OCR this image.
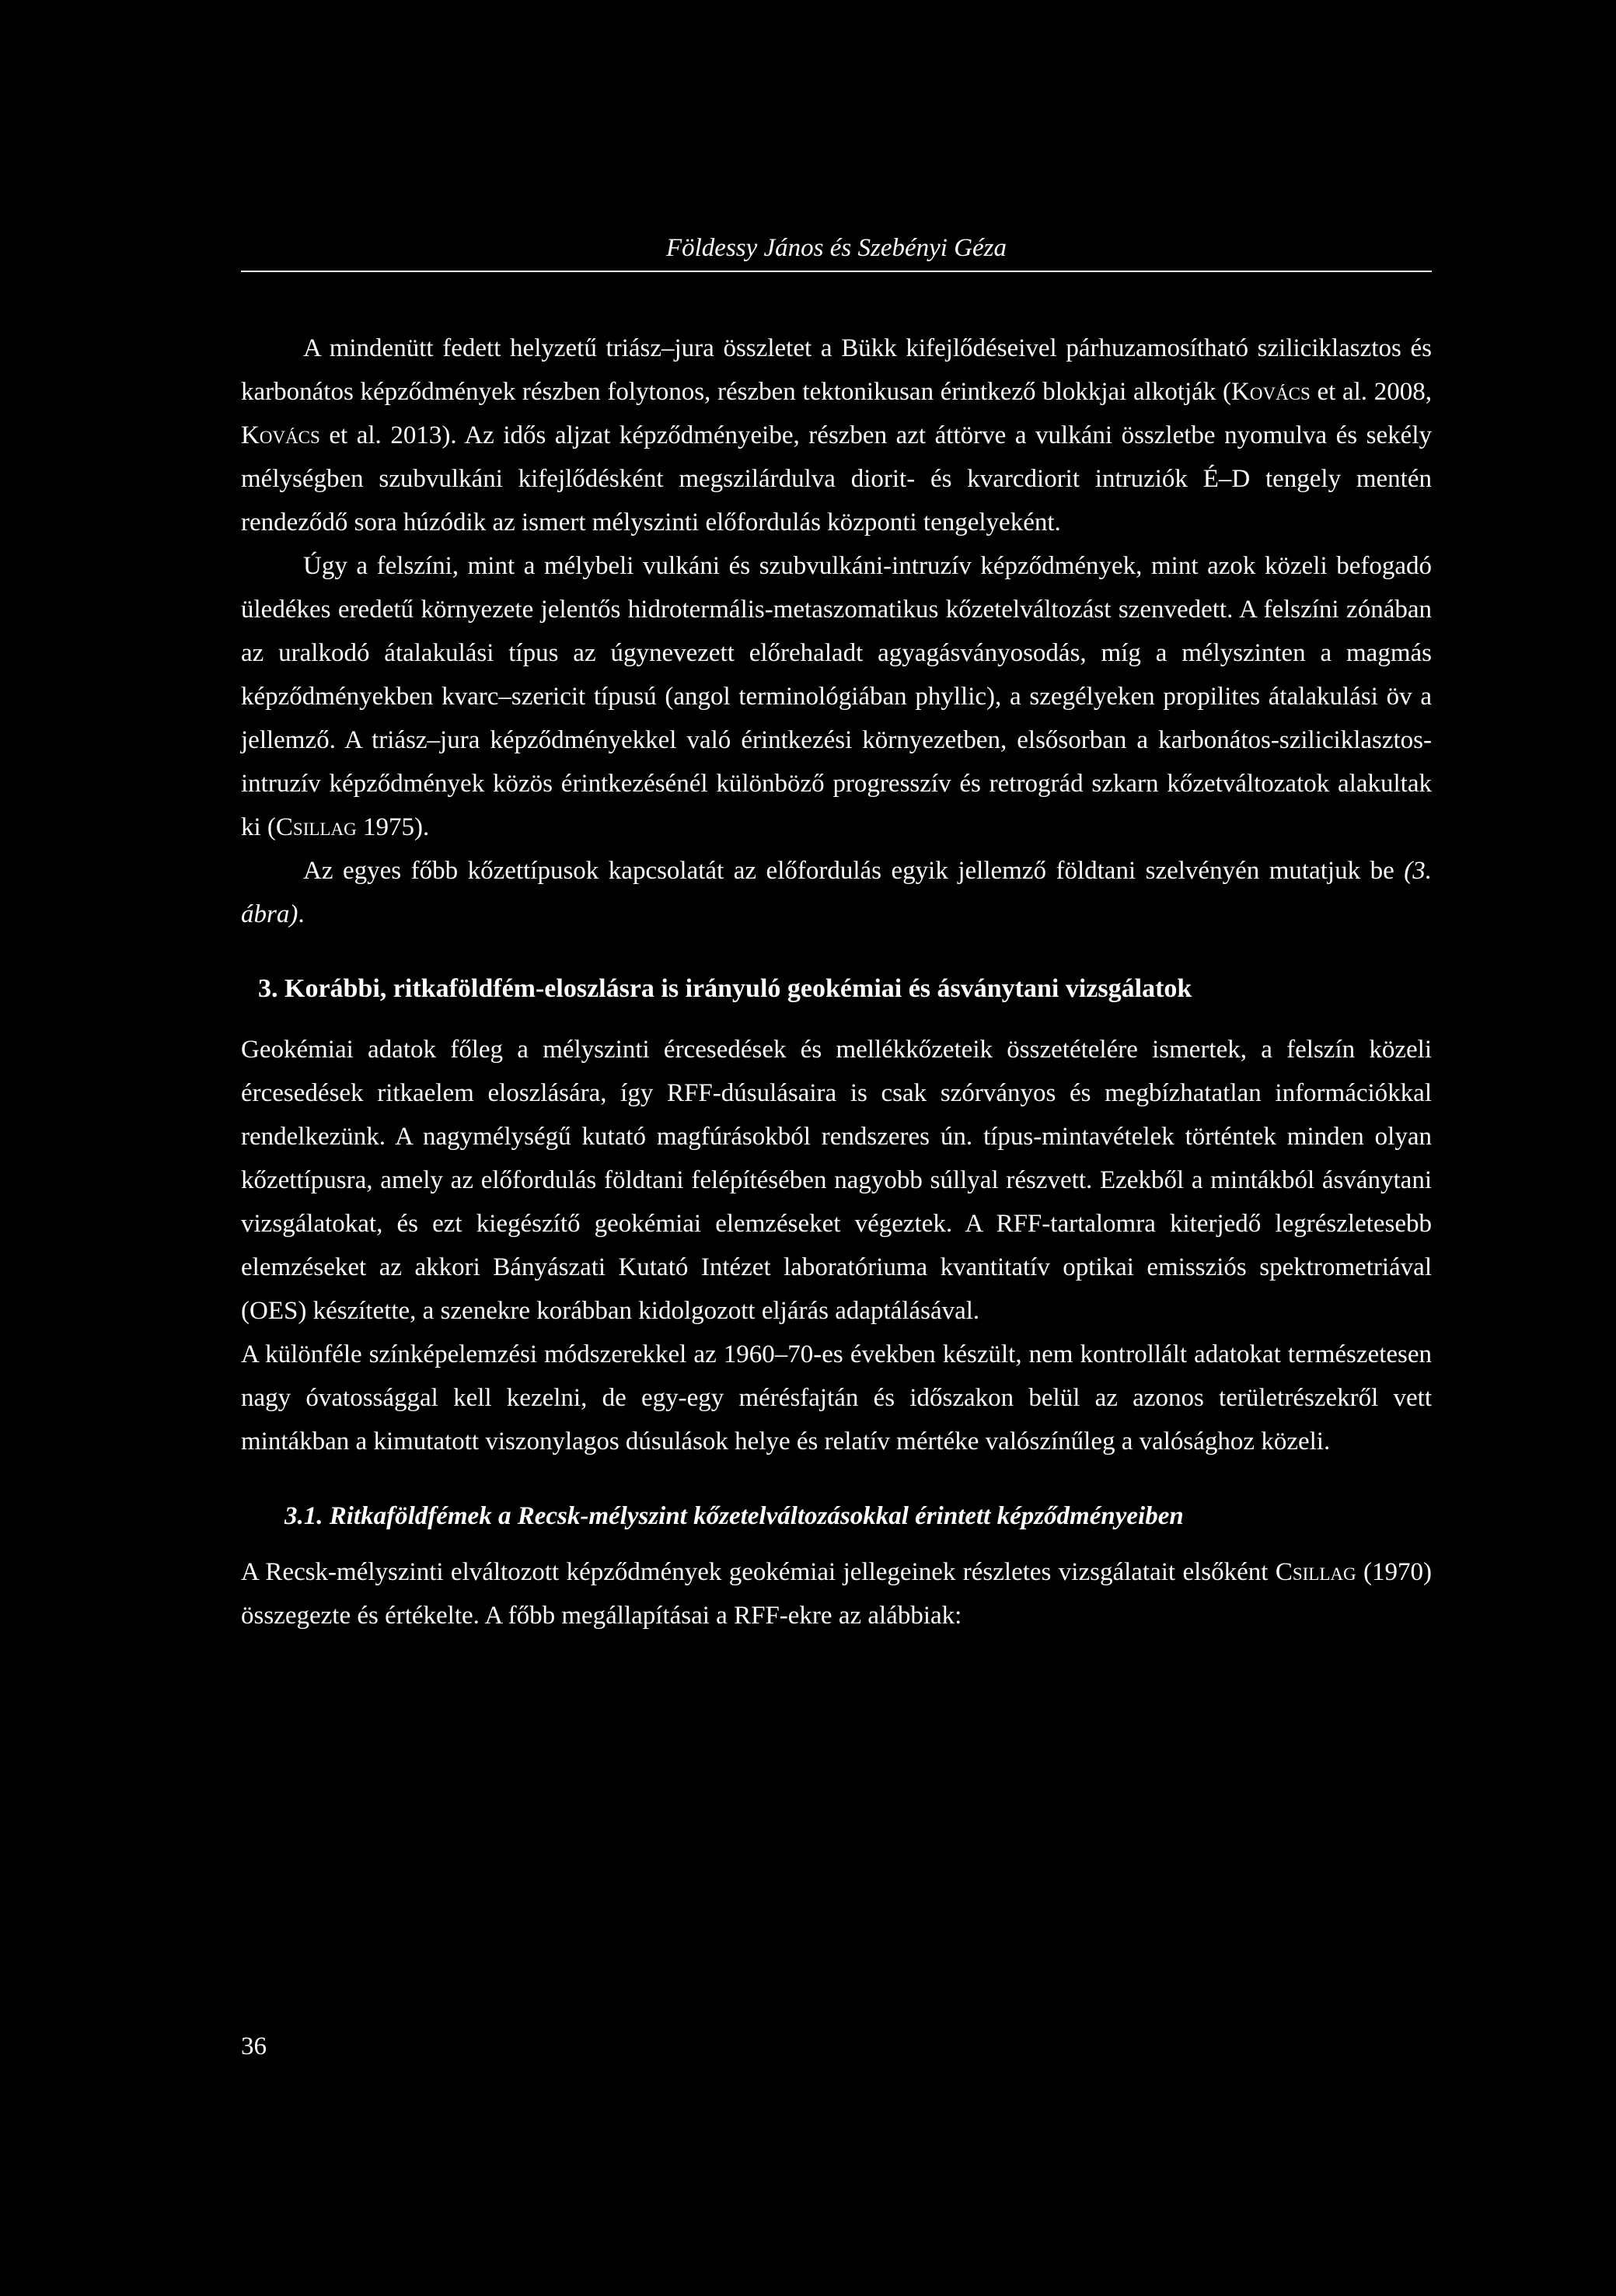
Földessy János és Szebényi Géza

A mindenütt fedett helyzetű triász–jura összletet a Bükk kifejlődéseivel párhuzamosítható sziliciklasztos és karbonátos képződmények részben folytonos, részben tektonikusan érintkező blokkjai alkotják (Kovács et al. 2008, Kovács et al. 2013). Az idős aljzat képződményeibe, részben azt áttörve a vulkáni összletbe nyomulva és sekély mélységben szubvulkáni kifejlődésként megszilárdulva diorit- és kvarcdiorit intruziók É–D tengely mentén rendeződő sora húzódik az ismert mélyszinti előfordulás központi tengelyeként.

Úgy a felszíni, mint a mélybeli vulkáni és szubvulkáni-intruzív képződmények, mint azok közeli befogadó üledékes eredetű környezete jelentős hidrotermális-metaszomatikus kőzetelváltozást szenvedett. A felszíni zónában az uralkodó átalakulási típus az úgynevezett előrehaladt agyagásványosodás, míg a mélyszinten a magmás képződményekben kvarc–szericit típusú (angol terminológiában phyllic), a szegélyeken propilites átalakulási öv a jellemző. A triász–jura képződményekkel való érintkezési környezetben, elsősorban a karbonátos-sziliciklasztos-intruzív képződmények közös érintkezésénél különböző progresszív és retrográd szkarn kőzetváltozatok alakultak ki (Csillag 1975).

Az egyes főbb kőzettípusok kapcsolatát az előfordulás egyik jellemző földtani szelvényén mutatjuk be (3. ábra).

3. Korábbi, ritkaföldfém-eloszlásra is irányuló geokémiai és ásványtani vizsgálatok

Geokémiai adatok főleg a mélyszinti ércesedések és mellékkőzeteik összetételére ismertek, a felszín közeli ércesedések ritkaelem eloszlására, így RFF-dúsulásaira is csak szórványos és megbízhatatlan információkkal rendelkezünk. A nagymélységű kutató magfúrásokból rendszeres ún. típus-mintavételek történtek minden olyan kőzettípusra, amely az előfordulás földtani felépítésében nagyobb súllyal részvett. Ezekből a mintákból ásványtani vizsgálatokat, és ezt kiegészítő geokémiai elemzéseket végeztek. A RFF-tartalomra kiterjedő legrészletesebb elemzéseket az akkori Bányászati Kutató Intézet laboratóriuma kvantitatív optikai emissziós spektrometriával (OES) készítette, a szenekre korábban kidolgozott eljárás adaptálásával.

A különféle színképelemzési módszerekkel az 1960–70-es években készült, nem kontrollált adatokat természetesen nagy óvatossággal kell kezelni, de egy-egy mérésfajtán és időszakon belül az azonos területrészekről vett mintákban a kimutatott viszonylagos dúsulások helye és relatív mértéke valószínűleg a valósághoz közeli.

3.1. Ritkaföldfémek a Recsk-mélyszint kőzetelváltozásokkal érintett képződményeiben

A Recsk-mélyszinti elváltozott képződmények geokémiai jellegeinek részletes vizsgálatait elsőként Csillag (1970) összegezte és értékelte. A főbb megállapításai a RFF-ekre az alábbiak:

36
